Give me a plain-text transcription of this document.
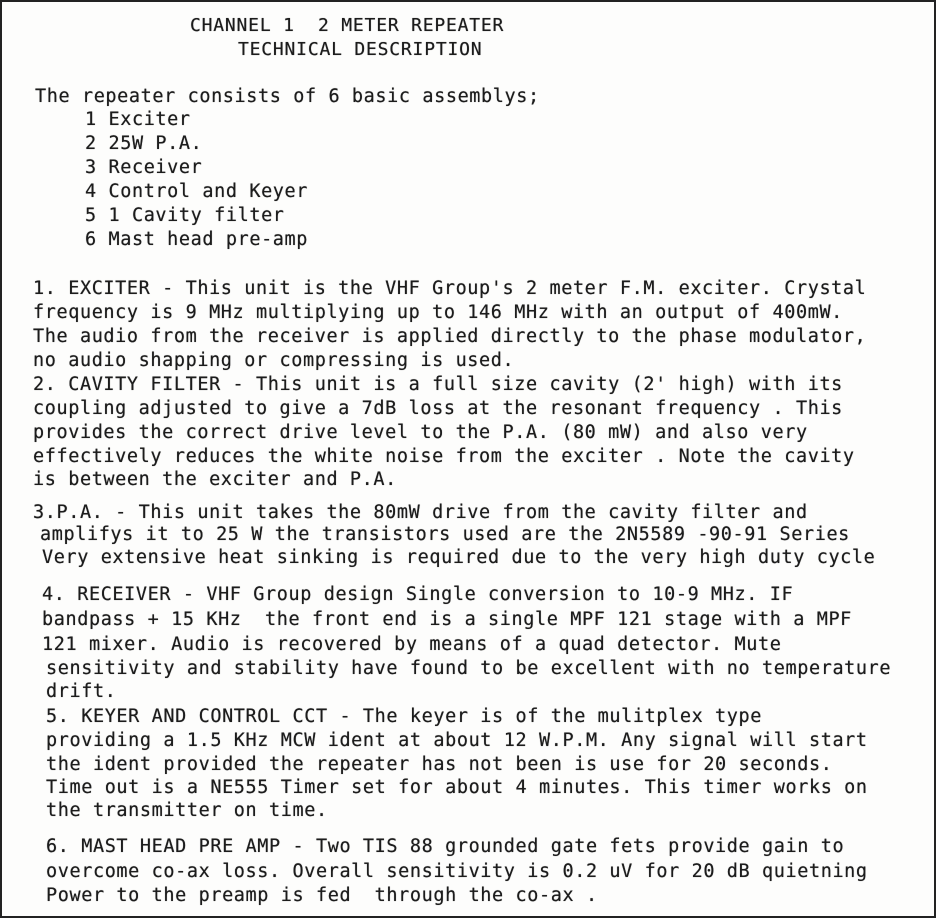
CHANNEL 1  2 METER REPEATER
TECHNICAL DESCRIPTION
The repeater consists of 6 basic assemblys;
1 Exciter
2 25W P.A.
3 Receiver
4 Control and Keyer
5 1 Cavity filter
6 Mast head pre-amp
1. EXCITER - This unit is the VHF Group's 2 meter F.M. exciter. Crystal
frequency is 9 MHz multiplying up to 146 MHz with an output of 400mW.
The audio from the receiver is applied directly to the phase modulator,
no audio shapping or compressing is used.
2. CAVITY FILTER - This unit is a full size cavity (2' high) with its
coupling adjusted to give a 7dB loss at the resonant frequency . This
provides the correct drive level to the P.A. (80 mW) and also very
effectively reduces the white noise from the exciter . Note the cavity
is between the exciter and P.A.
3.P.A. - This unit takes the 80mW drive from the cavity filter and
amplifys it to 25 W the transistors used are the 2N5589 -90-91 Series
Very extensive heat sinking is required due to the very high duty cycle
4. RECEIVER - VHF Group design Single conversion to 10-9 MHz. IF
bandpass + 15 KHz  the front end is a single MPF 121 stage with a MPF
121 mixer. Audio is recovered by means of a quad detector. Mute
sensitivity and stability have found to be excellent with no temperature
drift.
5. KEYER AND CONTROL CCT - The keyer is of the mulitplex type
providing a 1.5 KHz MCW ident at about 12 W.P.M. Any signal will start
the ident provided the repeater has not been is use for 20 seconds.
Time out is a NE555 Timer set for about 4 minutes. This timer works on
the transmitter on time.
6. MAST HEAD PRE AMP - Two TIS 88 grounded gate fets provide gain to
overcome co-ax loss. Overall sensitivity is 0.2 uV for 20 dB quietning
Power to the preamp is fed  through the co-ax .
